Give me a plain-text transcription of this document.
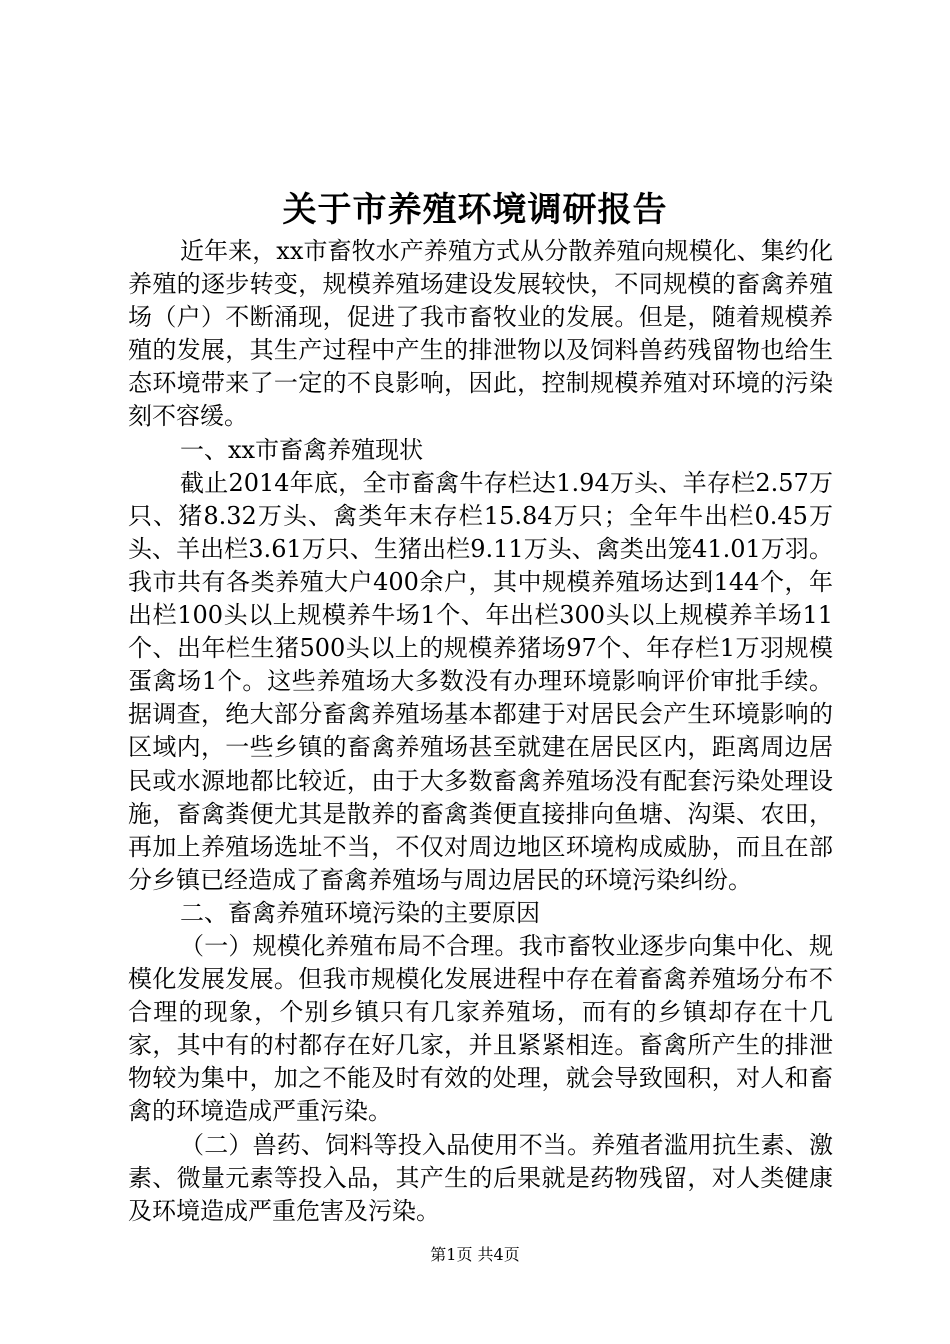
关于市养殖环境调研报告

近年来，xx市畜牧水产养殖方式从分散养殖向规模化、集约化养殖的逐步转变，规模养殖场建设发展较快，不同规模的畜禽养殖场（户）不断涌现，促进了我市畜牧业的发展。但是，随着规模养殖的发展，其生产过程中产生的排泄物以及饲料兽药残留物也给生态环境带来了一定的不良影响，因此，控制规模养殖对环境的污染刻不容缓。

一、xx市畜禽养殖现状

截止2014年底，全市畜禽牛存栏达1.94万头、羊存栏2.57万只、猪8.32万头、禽类年末存栏15.84万只；全年牛出栏0.45万头、羊出栏3.61万只、生猪出栏9.11万头、禽类出笼41.01万羽。我市共有各类养殖大户400余户，其中规模养殖场达到144个，年出栏100头以上规模养牛场1个、年出栏300头以上规模养羊场11个、出年栏生猪500头以上的规模养猪场97个、年存栏1万羽规模蛋禽场1个。这些养殖场大多数没有办理环境影响评价审批手续。据调查，绝大部分畜禽养殖场基本都建于对居民会产生环境影响的区域内，一些乡镇的畜禽养殖场甚至就建在居民区内，距离周边居民或水源地都比较近，由于大多数畜禽养殖场没有配套污染处理设施，畜禽粪便尤其是散养的畜禽粪便直接排向鱼塘、沟渠、农田，再加上养殖场选址不当，不仅对周边地区环境构成威胁，而且在部分乡镇已经造成了畜禽养殖场与周边居民的环境污染纠纷。

二、畜禽养殖环境污染的主要原因

（一）规模化养殖布局不合理。我市畜牧业逐步向集中化、规模化发展发展。但我市规模化发展进程中存在着畜禽养殖场分布不合理的现象，个别乡镇只有几家养殖场，而有的乡镇却存在十几家，其中有的村都存在好几家，并且紧紧相连。畜禽所产生的排泄物较为集中，加之不能及时有效的处理，就会导致囤积，对人和畜禽的环境造成严重污染。

（二）兽药、饲料等投入品使用不当。养殖者滥用抗生素、激素、微量元素等投入品，其产生的后果就是药物残留，对人类健康及环境造成严重危害及污染。

第1页 共4页
